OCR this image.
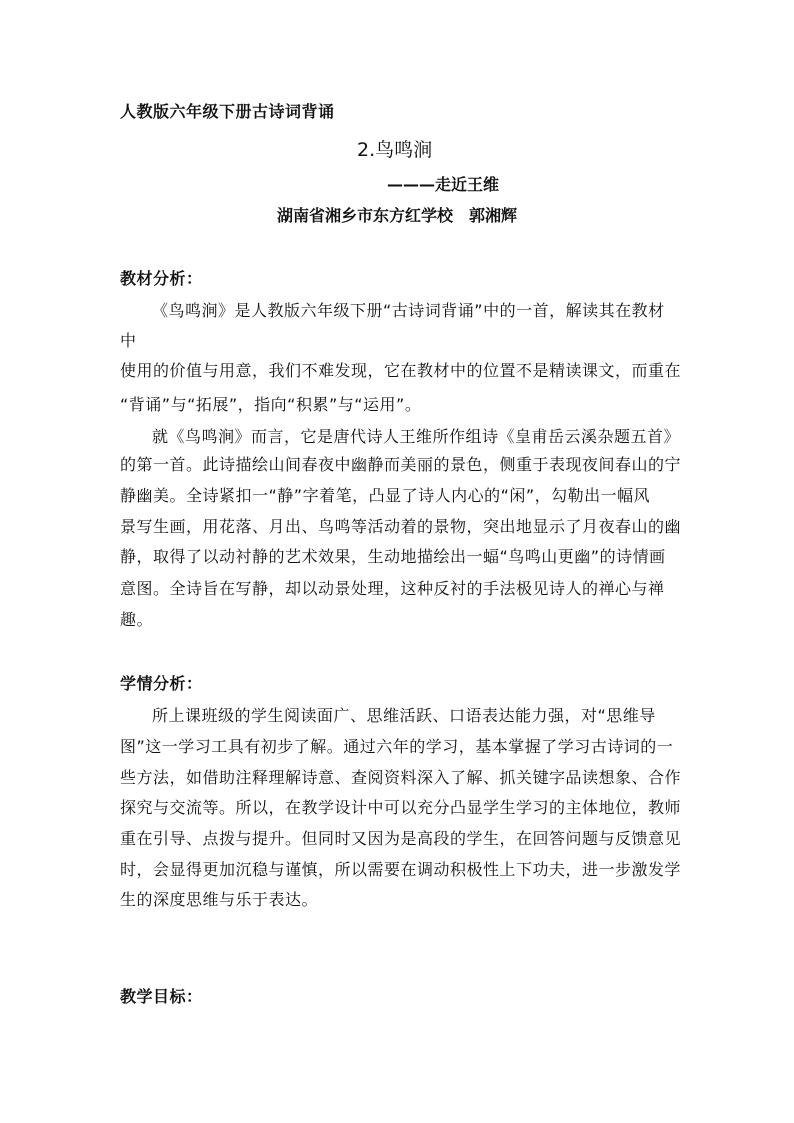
人教版六年级下册古诗词背诵
2.鸟鸣涧
———走近王维
湖南省湘乡市东方红学校　郭湘辉
教材分析：
《鸟鸣涧》是人教版六年级下册“古诗词背诵”中的一首，解读其在教材
中
使用的价值与用意，我们不难发现，它在教材中的位置不是精读课文，而重在
“背诵”与“拓展”，指向“积累”与“运用”。
就《鸟鸣涧》而言，它是唐代诗人王维所作组诗《皇甫岳云溪杂题五首》
的第一首。此诗描绘山间春夜中幽静而美丽的景色，侧重于表现夜间春山的宁
静幽美。全诗紧扣一“静”字着笔，凸显了诗人内心的“闲”，勾勒出一幅风
景写生画，用花落、月出、鸟鸣等活动着的景物，突出地显示了月夜春山的幽
静，取得了以动衬静的艺术效果，生动地描绘出一蝠“鸟鸣山更幽”的诗情画
意图。全诗旨在写静，却以动景处理，这种反衬的手法极见诗人的禅心与禅
趣。
学情分析：
所上课班级的学生阅读面广、思维活跃、口语表达能力强，对“思维导
图”这一学习工具有初步了解。通过六年的学习，基本掌握了学习古诗词的一
些方法，如借助注释理解诗意、查阅资料深入了解、抓关键字品读想象、合作
探究与交流等。所以，在教学设计中可以充分凸显学生学习的主体地位，教师
重在引导、点拨与提升。但同时又因为是高段的学生，在回答问题与反馈意见
时，会显得更加沉稳与谨慎，所以需要在调动积极性上下功夫，进一步激发学
生的深度思维与乐于表达。
教学目标：
